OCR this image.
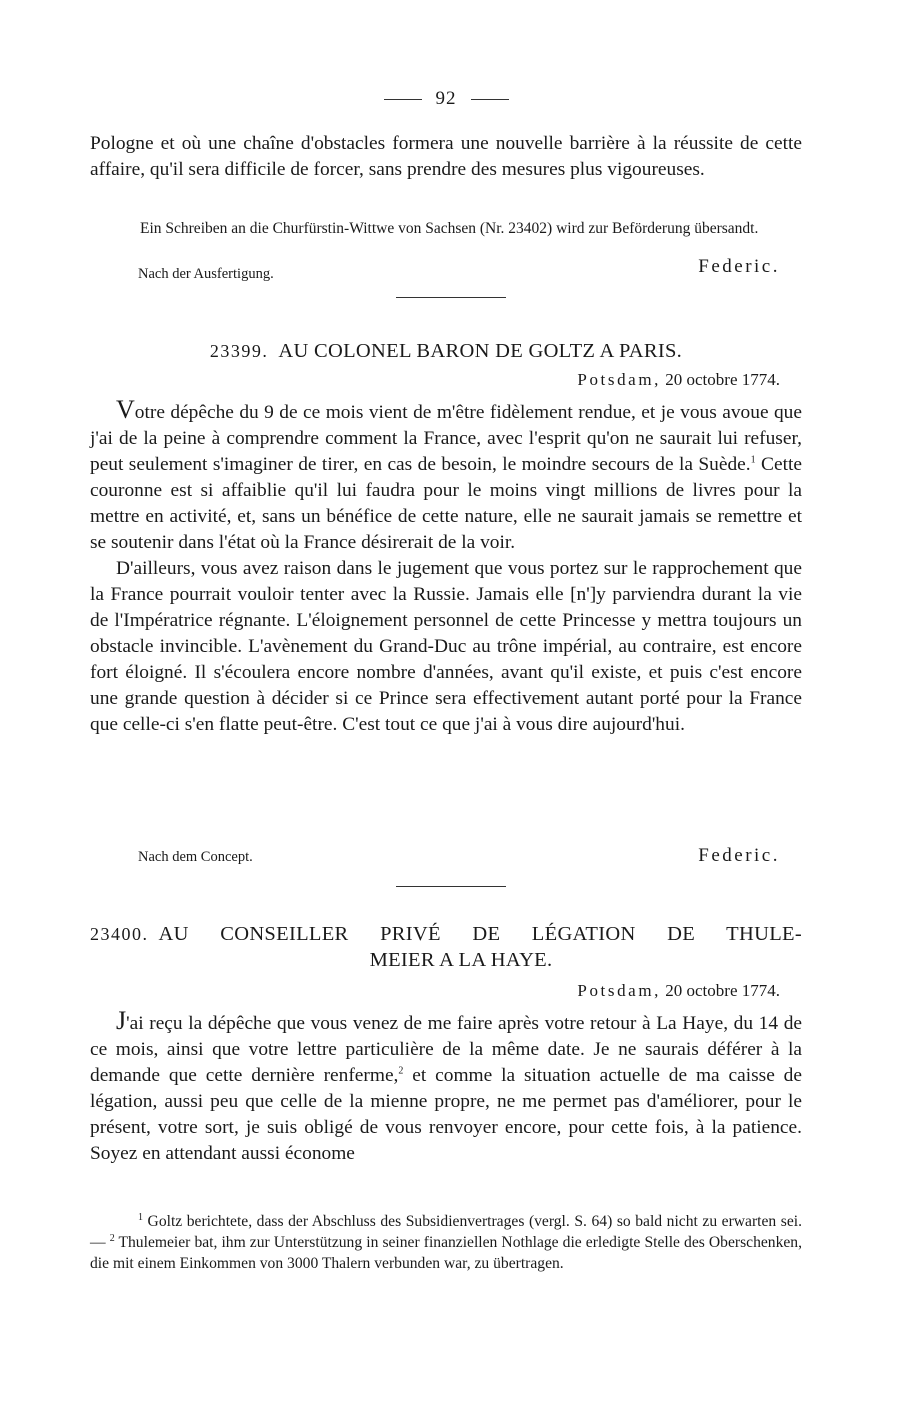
92

Pologne et où une chaîne d'obstacles formera une nouvelle barrière à la réussite de cette affaire, qu'il sera difficile de forcer, sans prendre des mesures plus vigoureuses.

Ein Schreiben an die Churfürstin-Wittwe von Sachsen (Nr. 23402) wird zur Beförderung übersandt.

Nach der Ausfertigung.	Federic.

23399. AU COLONEL BARON DE GOLTZ A PARIS.

Potsdam, 20 octobre 1774.

Votre dépêche du 9 de ce mois vient de m'être fidèlement rendue, et je vous avoue que j'ai de la peine à comprendre comment la France, avec l'esprit qu'on ne saurait lui refuser, peut seulement s'imaginer de tirer, en cas de besoin, le moindre secours de la Suède.$^1$ Cette couronne est si affaiblie qu'il lui faudra pour le moins vingt millions de livres pour la mettre en activité, et, sans un bénéfice de cette nature, elle ne saurait jamais se remettre et se soutenir dans l'état où la France désirerait de la voir.

D'ailleurs, vous avez raison dans le jugement que vous portez sur le rapprochement que la France pourrait vouloir tenter avec la Russie. Jamais elle [n']y parviendra durant la vie de l'Impératrice régnante. L'éloignement personnel de cette Princesse y mettra toujours un obstacle invincible. L'avènement du Grand-Duc au trône impérial, au contraire, est encore fort éloigné. Il s'écoulera encore nombre d'années, avant qu'il existe, et puis c'est encore une grande question à décider si ce Prince sera effectivement autant porté pour la France que celle-ci s'en flatte peut-être. C'est tout ce que j'ai à vous dire aujourd'hui.

Nach dem Concept.	Federic.

23400. AU CONSEILLER PRIVÉ DE LÉGATION DE THULE-

MEIER A LA HAYE.

Potsdam, 20 octobre 1774.

J'ai reçu la dépêche que vous venez de me faire après votre retour à La Haye, du 14 de ce mois, ainsi que votre lettre particulière de la même date. Je ne saurais déférer à la demande que cette dernière renferme,$^2$ et comme la situation actuelle de ma caisse de légation, aussi peu que celle de la mienne propre, ne me permet pas d'améliorer, pour le présent, votre sort, je suis obligé de vous renvoyer encore, pour cette fois, à la patience. Soyez en attendant aussi économe

$^1$ Goltz berichtete, dass der Abschluss des Subsidienvertrages (vergl. S. 64) so bald nicht zu erwarten sei. — $^2$ Thulemeier bat, ihm zur Unterstützung in seiner finanziellen Nothlage die erledigte Stelle des Oberschenken, die mit einem Einkommen von 3000 Thalern verbunden war, zu übertragen.
